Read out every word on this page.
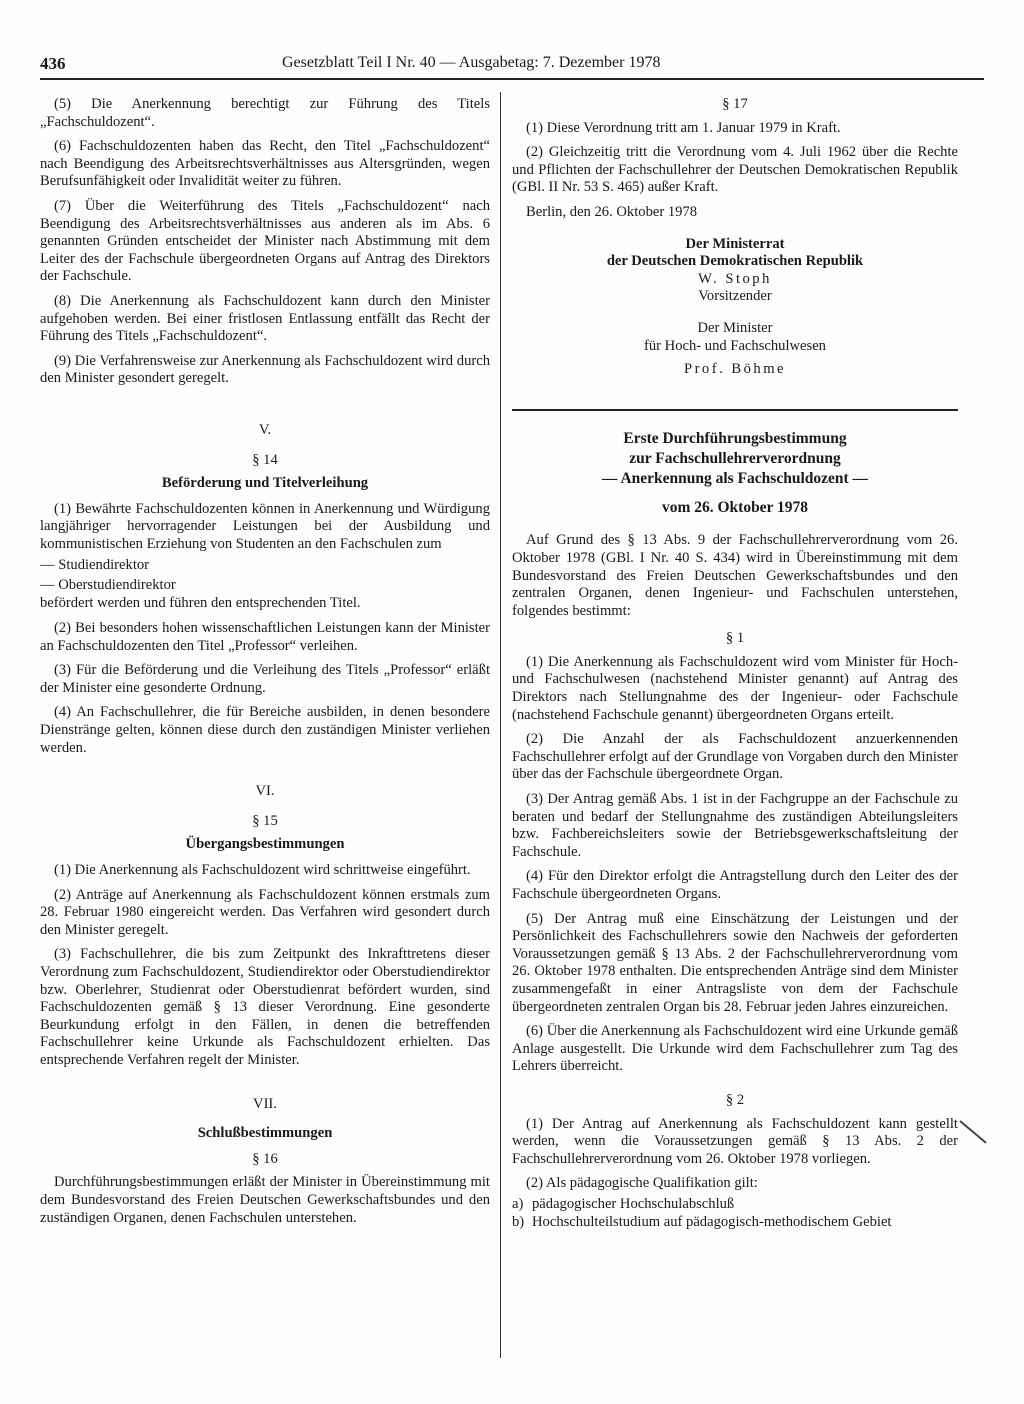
436	Gesetzblatt Teil I Nr. 40 — Ausgabetag: 7. Dezember 1978

(5) Die Anerkennung berechtigt zur Führung des Titels „Fachschuldozent“.

(6) Fachschuldozenten haben das Recht, den Titel „Fachschuldozent“ nach Beendigung des Arbeitsrechtsverhältnisses aus Altersgründen, wegen Berufsunfähigkeit oder Invalidität weiter zu führen.

(7) Über die Weiterführung des Titels „Fachschuldozent“ nach Beendigung des Arbeitsrechtsverhältnisses aus anderen als im Abs. 6 genannten Gründen entscheidet der Minister nach Abstimmung mit dem Leiter des der Fachschule übergeordneten Organs auf Antrag des Direktors der Fachschule.

(8) Die Anerkennung als Fachschuldozent kann durch den Minister aufgehoben werden. Bei einer fristlosen Entlassung entfällt das Recht der Führung des Titels „Fachschuldozent“.

(9) Die Verfahrensweise zur Anerkennung als Fachschuldozent wird durch den Minister gesondert geregelt.

V.

§ 14

Beförderung und Titelverleihung

(1) Bewährte Fachschuldozenten können in Anerkennung und Würdigung langjähriger hervorragender Leistungen bei der Ausbildung und kommunistischen Erziehung von Studenten an den Fachschulen zum

— Studiendirektor

— Oberstudiendirektor

befördert werden und führen den entsprechenden Titel.

(2) Bei besonders hohen wissenschaftlichen Leistungen kann der Minister an Fachschuldozenten den Titel „Professor“ verleihen.

(3) Für die Beförderung und die Verleihung des Titels „Professor“ erläßt der Minister eine gesonderte Ordnung.

(4) An Fachschullehrer, die für Bereiche ausbilden, in denen besondere Dienstränge gelten, können diese durch den zuständigen Minister verliehen werden.

VI.

§ 15

Übergangsbestimmungen

(1) Die Anerkennung als Fachschuldozent wird schrittweise eingeführt.

(2) Anträge auf Anerkennung als Fachschuldozent können erstmals zum 28. Februar 1980 eingereicht werden. Das Verfahren wird gesondert durch den Minister geregelt.

(3) Fachschullehrer, die bis zum Zeitpunkt des Inkrafttretens dieser Verordnung zum Fachschuldozent, Studiendirektor oder Oberstudiendirektor bzw. Oberlehrer, Studienrat oder Oberstudienrat befördert wurden, sind Fachschuldozenten gemäß § 13 dieser Verordnung. Eine gesonderte Beurkundung erfolgt in den Fällen, in denen die betreffenden Fachschullehrer keine Urkunde als Fachschuldozent erhielten. Das entsprechende Verfahren regelt der Minister.

VII.

Schlußbestimmungen

§ 16

Durchführungsbestimmungen erläßt der Minister in Übereinstimmung mit dem Bundesvorstand des Freien Deutschen Gewerkschaftsbundes und den zuständigen Organen, denen Fachschulen unterstehen.

§ 17

(1) Diese Verordnung tritt am 1. Januar 1979 in Kraft.

(2) Gleichzeitig tritt die Verordnung vom 4. Juli 1962 über die Rechte und Pflichten der Fachschullehrer der Deutschen Demokratischen Republik (GBl. II Nr. 53 S. 465) außer Kraft.

Berlin, den 26. Oktober 1978

Der Ministerrat

der Deutschen Demokratischen Republik

W. Stoph

Vorsitzender

Der Minister

für Hoch- und Fachschulwesen

Prof. Böhme

Erste Durchführungsbestimmung

zur Fachschullehrerverordnung

— Anerkennung als Fachschuldozent —

vom 26. Oktober 1978

Auf Grund des § 13 Abs. 9 der Fachschullehrerverordnung vom 26. Oktober 1978 (GBl. I Nr. 40 S. 434) wird in Übereinstimmung mit dem Bundesvorstand des Freien Deutschen Gewerkschaftsbundes und den zentralen Organen, denen Ingenieur- und Fachschulen unterstehen, folgendes bestimmt:

§ 1

(1) Die Anerkennung als Fachschuldozent wird vom Minister für Hoch- und Fachschulwesen (nachstehend Minister genannt) auf Antrag des Direktors nach Stellungnahme des der Ingenieur- oder Fachschule (nachstehend Fachschule genannt) übergeordneten Organs erteilt.

(2) Die Anzahl der als Fachschuldozent anzuerkennenden Fachschullehrer erfolgt auf der Grundlage von Vorgaben durch den Minister über das der Fachschule übergeordnete Organ.

(3) Der Antrag gemäß Abs. 1 ist in der Fachgruppe an der Fachschule zu beraten und bedarf der Stellungnahme des zuständigen Abteilungsleiters bzw. Fachbereichsleiters sowie der Betriebsgewerkschaftsleitung der Fachschule.

(4) Für den Direktor erfolgt die Antragstellung durch den Leiter des der Fachschule übergeordneten Organs.

(5) Der Antrag muß eine Einschätzung der Leistungen und der Persönlichkeit des Fachschullehrers sowie den Nachweis der geforderten Voraussetzungen gemäß § 13 Abs. 2 der Fachschullehrerverordnung vom 26. Oktober 1978 enthalten. Die entsprechenden Anträge sind dem Minister zusammengefaßt in einer Antragsliste von dem der Fachschule übergeordneten zentralen Organ bis 28. Februar jeden Jahres einzureichen.

(6) Über die Anerkennung als Fachschuldozent wird eine Urkunde gemäß Anlage ausgestellt. Die Urkunde wird dem Fachschullehrer zum Tag des Lehrers überreicht.

§ 2

(1) Der Antrag auf Anerkennung als Fachschuldozent kann gestellt werden, wenn die Voraussetzungen gemäß § 13 Abs. 2 der Fachschullehrerverordnung vom 26. Oktober 1978 vorliegen.

(2) Als pädagogische Qualifikation gilt:

a) pädagogischer Hochschulabschluß
b) Hochschulteilstudium auf pädagogisch-methodischem Gebiet
